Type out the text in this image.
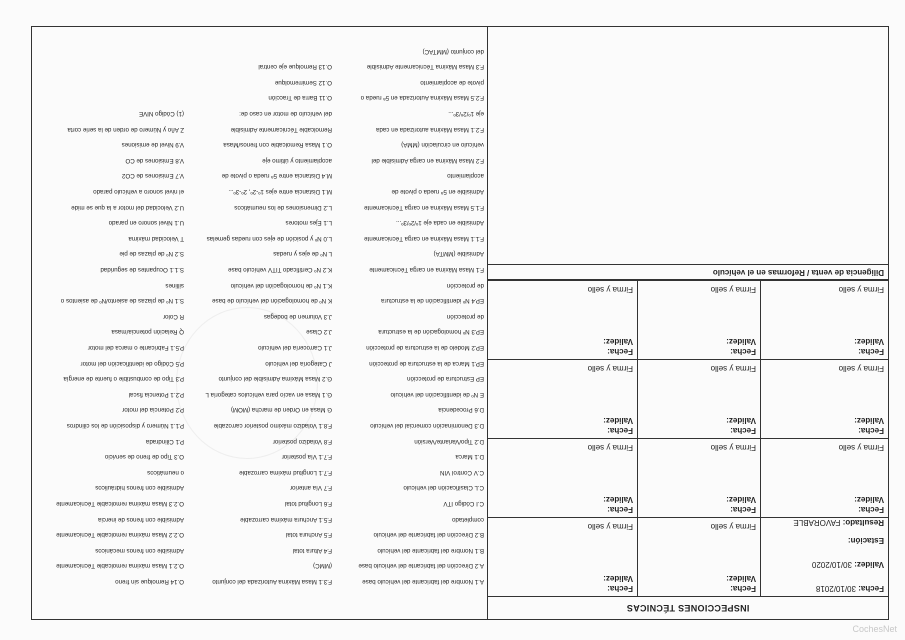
INSPECCIONES TÉCNICAS
Fecha: 30/10/2018
Validez: 30/10/2020
Estación:
Resultado: FAVORABLE
Fecha:
Validez:
Firma y sello
Fecha:
Validez:
Firma y sello
Fecha:
Validez:
Firma y sello
Fecha:
Validez:
Firma y sello
Fecha:
Validez:
Firma y sello
Fecha:
Validez:
Firma y sello
Fecha:
Validez:
Firma y sello
Fecha:
Validez:
Firma y sello
Fecha:
Validez:
Firma y sello
Fecha:
Validez:
Firma y sello
Fecha:
Validez:
Firma y sello
Diligencia de venta / Reformas en el vehículo
A.1 Nombre del fabricante del vehículo base
A.2 Dirección del fabricante del vehículo base
B.1 Nombre del fabricante del vehículo
B.2 Dirección del fabricante del vehículo
completado
C.I Código ITV
C.L Clasificación del vehículo
C.V Control VIN
D.1 Marca
D.2 Tipo/Variante/Versión
D.3 Denominación comercial del vehículo
D.6 Procedencia
E Nº de identificación del vehículo
EP Estructura de protección
EP.1 Marca de la estructura de protección
EP.2 Modelo de la estructura de protección
EP.3 Nº homologación de la estructura
de protección
EP.4 Nº identificación de la estructura
de protección
F.1 Masa Máxima en carga Técnicamente
Admisible (MMTA)
F.1.1 Masa Máxima en carga Técnicamente
Admisible en cada eje 1º/2º/3º...
F.1.5 Masa Máxima en carga Técnicamente
Admisible en 5ª rueda o pivote de
acoplamiento
F.2 Masa Máxima en carga Admisible del
vehículo en circulación (MMA)
F.2.1 Masa Máxima autorizada en cada
eje 1º/2º/3º...
F.2.5 Masa Máxima Autorizada en 5ª rueda o
pivote de acoplamiento
F.3 Masa Máxima Técnicamente Admisible
del conjunto (MMTAC)
F.3.1 Masa Máxima Autorizada del conjunto
(MMC)
F.4 Altura total
F.5 Anchura total
F.5.1 Anchura máxima carrozable
F.6 Longitud total
F.7 Vía anterior
F.7.1 Longitud máxima carrozable
F.7.1 Vía posterior
F.8 Voladizo posterior
F.8.1 Voladizo máximo posterior carrozable
G Masa en Orden de marcha (MOM)
G.1 Masa en vacío para vehículos categoría L
G.2 Masa Máxima Admisible del conjunto
J Categoría del vehículo
J.1 Carrocería del vehículo
J.2 Clase
J.3 Volumen de bodegas
K Nº de homologación del vehículo de base
K.1 Nº de homologación del vehículo
K.2 Nº Certificado TITV vehículo base
L Nº de ejes y ruedas
L.0 Nº y posición de ejes con ruedas gemelas
L.1 Ejes motores
L.2 Dimensiones de los neumáticos
M.1 Distancia entre ejes 1º-2º, 2º-3º...
M.4 Distancia entre 5ª rueda o pivote de
acoplamiento y último eje
O.1 Masa Remolcable con frenos/Masa
Remolcable Técnicamente Admisible
del vehículo de motor en caso de:
O.11 Barra de Tracción
O.12 Semirremolque
O.13 Remolque eje central
O.14 Remolque sin freno
O.2.1 Masa máxima remolcable Técnicamente
Admisible con frenos mecánicos
O.2.2 Masa máxima remolcable Técnicamente
Admisible con frenos de inercia
O.2.3 Masa máxima remolcable Técnicamente
Admisible con frenos hidráulicos
o neumáticos
O.3 Tipo de freno de servicio
P.1 Cilindrada
P.1.1 Número y disposición de los cilindros
P.2 Potencia del motor
P.2.1 Potencia fiscal
P.3 Tipo de combustible o fuente de energía
P.5 Código de identificación del motor
P.5.1 Fabricante o marca del motor
Q Relación potencia/masa
R Color
S.1 Nº de plazas de asiento/Nº de asientos o
sillines
S.1.1 Ocupantes de seguridad
S.2 Nº de plazas de pie
T Velocidad máxima
U.1 Nivel sonoro en parado
U.2 Velocidad del motor a la que se mide
el nivel sonoro a vehículo parado
V.7 Emisiones de CO2
V.8 Emisiones de CO
V.9 Nivel de emisiones
Z Año y Número de orden de la serie corta
(1) Código NIVE
CochesNet
